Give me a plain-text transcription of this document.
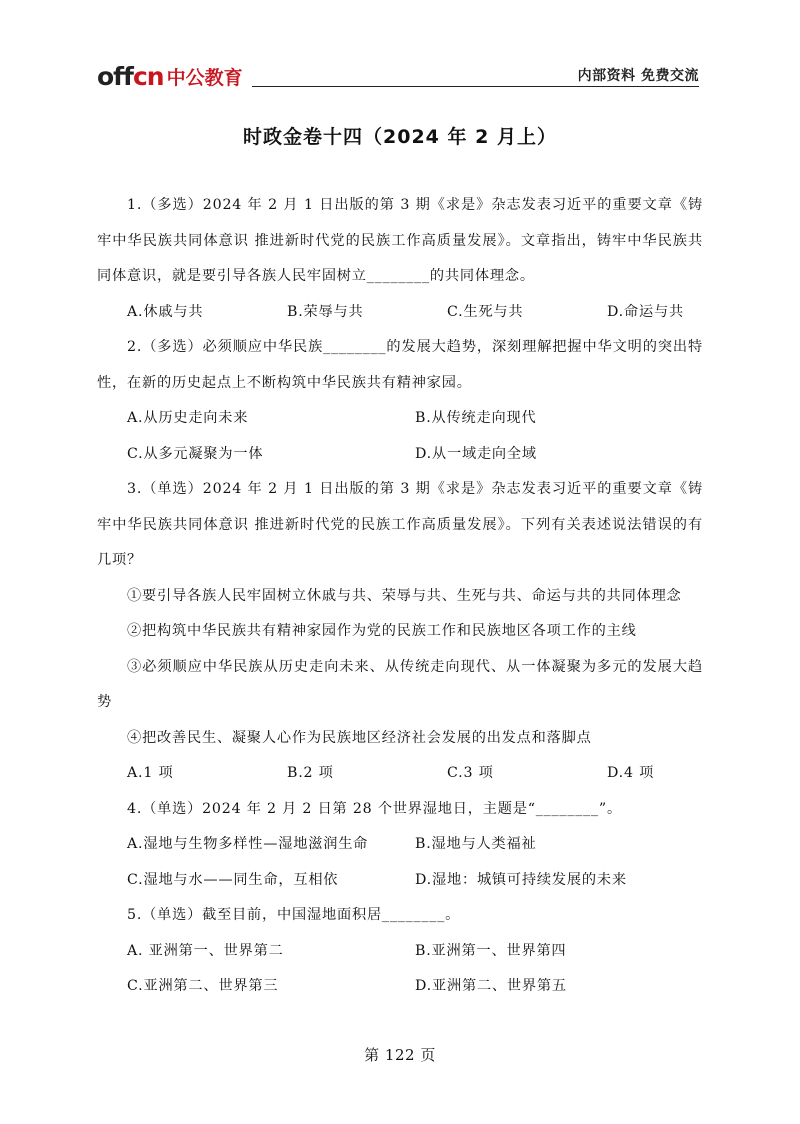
offcn 中公教育	内部资料 免费交流
时政金卷十四（2024 年 2 月上）
1.（多选）2024 年 2 月 1 日出版的第 3 期《求是》杂志发表习近平的重要文章《铸牢中华民族共同体意识 推进新时代党的民族工作高质量发展》。文章指出，铸牢中华民族共同体意识，就是要引导各族人民牢固树立________的共同体理念。
A.休戚与共	B.荣辱与共	C.生死与共	D.命运与共
2.（多选）必须顺应中华民族________的发展大趋势，深刻理解把握中华文明的突出特性，在新的历史起点上不断构筑中华民族共有精神家园。
A.从历史走向未来	B.从传统走向现代
C.从多元凝聚为一体	D.从一域走向全域
3.（单选）2024 年 2 月 1 日出版的第 3 期《求是》杂志发表习近平的重要文章《铸牢中华民族共同体意识 推进新时代党的民族工作高质量发展》。下列有关表述说法错误的有几项？
①要引导各族人民牢固树立休戚与共、荣辱与共、生死与共、命运与共的共同体理念
②把构筑中华民族共有精神家园作为党的民族工作和民族地区各项工作的主线
③必须顺应中华民族从历史走向未来、从传统走向现代、从一体凝聚为多元的发展大趋势
④把改善民生、凝聚人心作为民族地区经济社会发展的出发点和落脚点
A.1 项	B.2 项	C.3 项	D.4 项
4.（单选）2024 年 2 月 2 日第 28 个世界湿地日，主题是“________”。
A.湿地与生物多样性—湿地滋润生命	B.湿地与人类福祉
C.湿地与水——同生命，互相依	D.湿地：城镇可持续发展的未来
5.（单选）截至目前，中国湿地面积居________。
A. 亚洲第一、世界第二	B.亚洲第一、世界第四
C.亚洲第二、世界第三	D.亚洲第二、世界第五
第 122 页
